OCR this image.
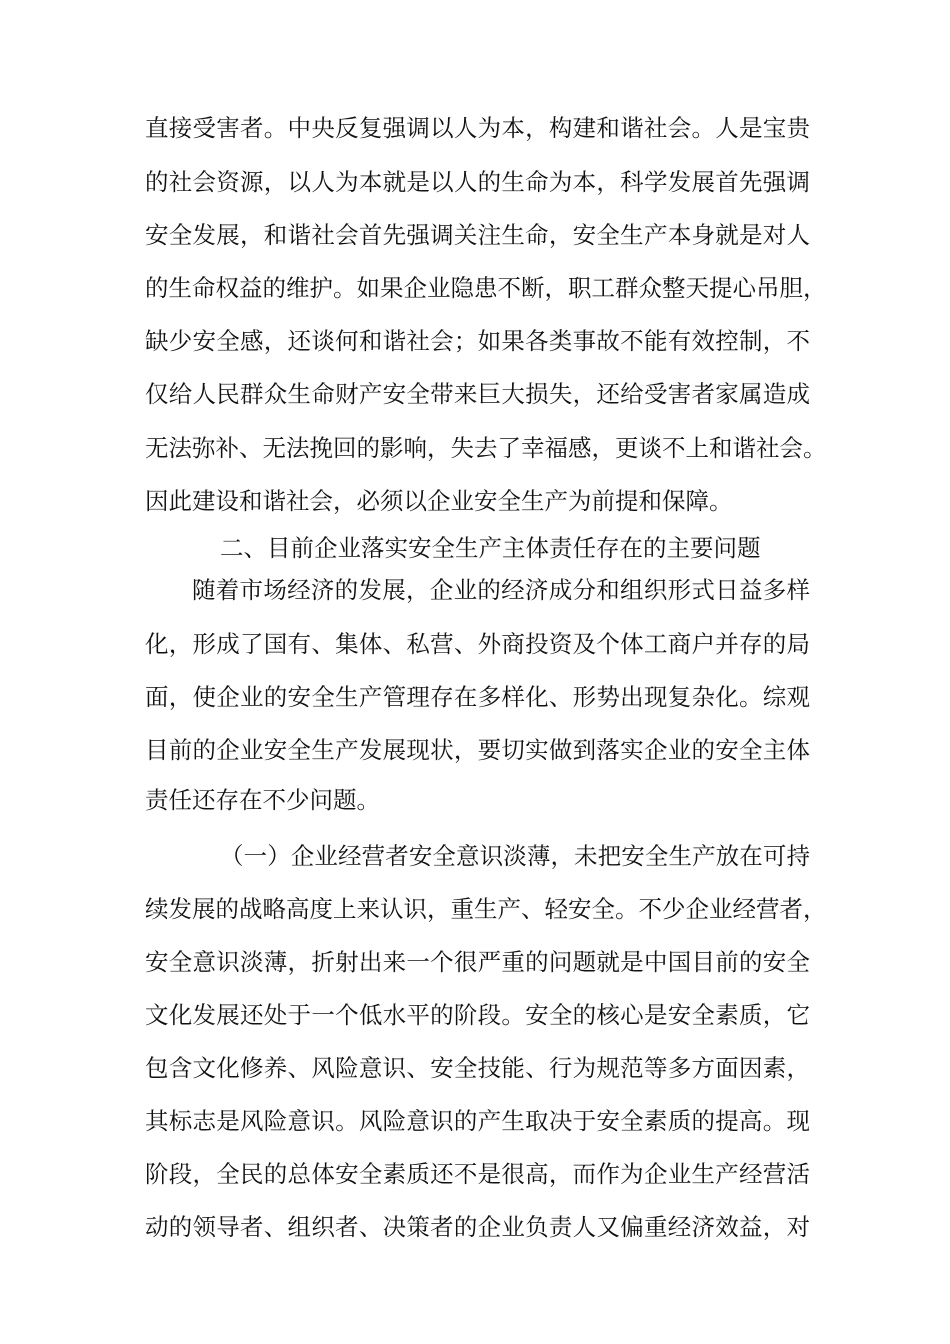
直接受害者。中央反复强调以人为本，构建和谐社会。人是宝贵
的社会资源，以人为本就是以人的生命为本，科学发展首先强调
安全发展，和谐社会首先强调关注生命，安全生产本身就是对人
的生命权益的维护。如果企业隐患不断，职工群众整天提心吊胆，
缺少安全感，还谈何和谐社会；如果各类事故不能有效控制，不
仅给人民群众生命财产安全带来巨大损失，还给受害者家属造成
无法弥补、无法挽回的影响，失去了幸福感，更谈不上和谐社会。
因此建设和谐社会，必须以企业安全生产为前提和保障。
二、目前企业落实安全生产主体责任存在的主要问题
随着市场经济的发展，企业的经济成分和组织形式日益多样
化，形成了国有、集体、私营、外商投资及个体工商户并存的局
面，使企业的安全生产管理存在多样化、形势出现复杂化。综观
目前的企业安全生产发展现状，要切实做到落实企业的安全主体
责任还存在不少问题。
（一）企业经营者安全意识淡薄，未把安全生产放在可持
续发展的战略高度上来认识，重生产、轻安全。不少企业经营者，
安全意识淡薄，折射出来一个很严重的问题就是中国目前的安全
文化发展还处于一个低水平的阶段。安全的核心是安全素质，它
包含文化修养、风险意识、安全技能、行为规范等多方面因素，
其标志是风险意识。风险意识的产生取决于安全素质的提高。现
阶段，全民的总体安全素质还不是很高，而作为企业生产经营活
动的领导者、组织者、决策者的企业负责人又偏重经济效益，对
